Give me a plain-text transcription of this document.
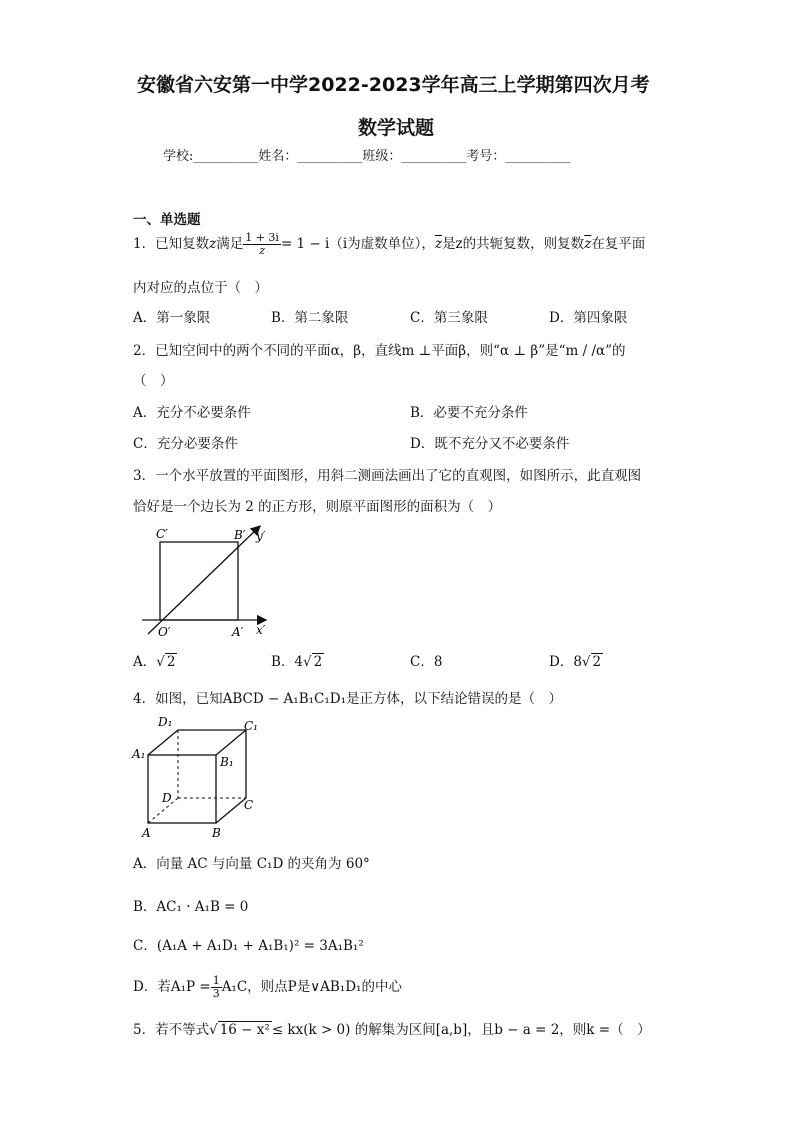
安徽省六安第一中学2022-2023学年高三上学期第四次月考
数学试题
学校:__________姓名：__________班级：__________考号：__________
一、单选题
1．已知复数z满足 $\frac{1 + 3i}{z} = 1 - i(i$为虚数单位），$\overline{z}$是z的共轭复数，则复数$\overline{z}$在复平面
内对应的点位于（　）
A．第一象限	B．第二象限	C．第三象限	D．第四象限
2．已知空间中的两个不同的平面α，β，直线m ⊥平面β，则“α ⊥ β”是“m / /α”的
（　）
A．充分不必要条件	B．必要不充分条件
C．充分必要条件	D．既不充分又不必要条件
3．一个水平放置的平面图形，用斜二测画法画出了它的直观图，如图所示，此直观图
恰好是一个边长为 2 的正方形，则原平面图形的面积为（　）
C′	B′ y′
O′	A′ x′
A．√ 2	B．4√ 2	C．8	D．8√ 2
4．如图，已知ABCD − A₁B₁C₁D₁是正方体，以下结论错误的是（　）
D₁	C₁
A₁
B₁
D	C
A	B
A．向量 AC 与向量 C₁D 的夹角为 60°
B．AC₁ · A₁B = 0
C．(A₁A + A₁D₁ + A₁B₁)² = 3A₁B₁²
D．若$A_1P = \frac{1}{3} A_1C$，则点P是∨AB₁D₁的中心
5．若不等式√ 16 − x² ≤ kx(k > 0) 的解集为区间[a,b]，且b − a = 2，则k =（　）
